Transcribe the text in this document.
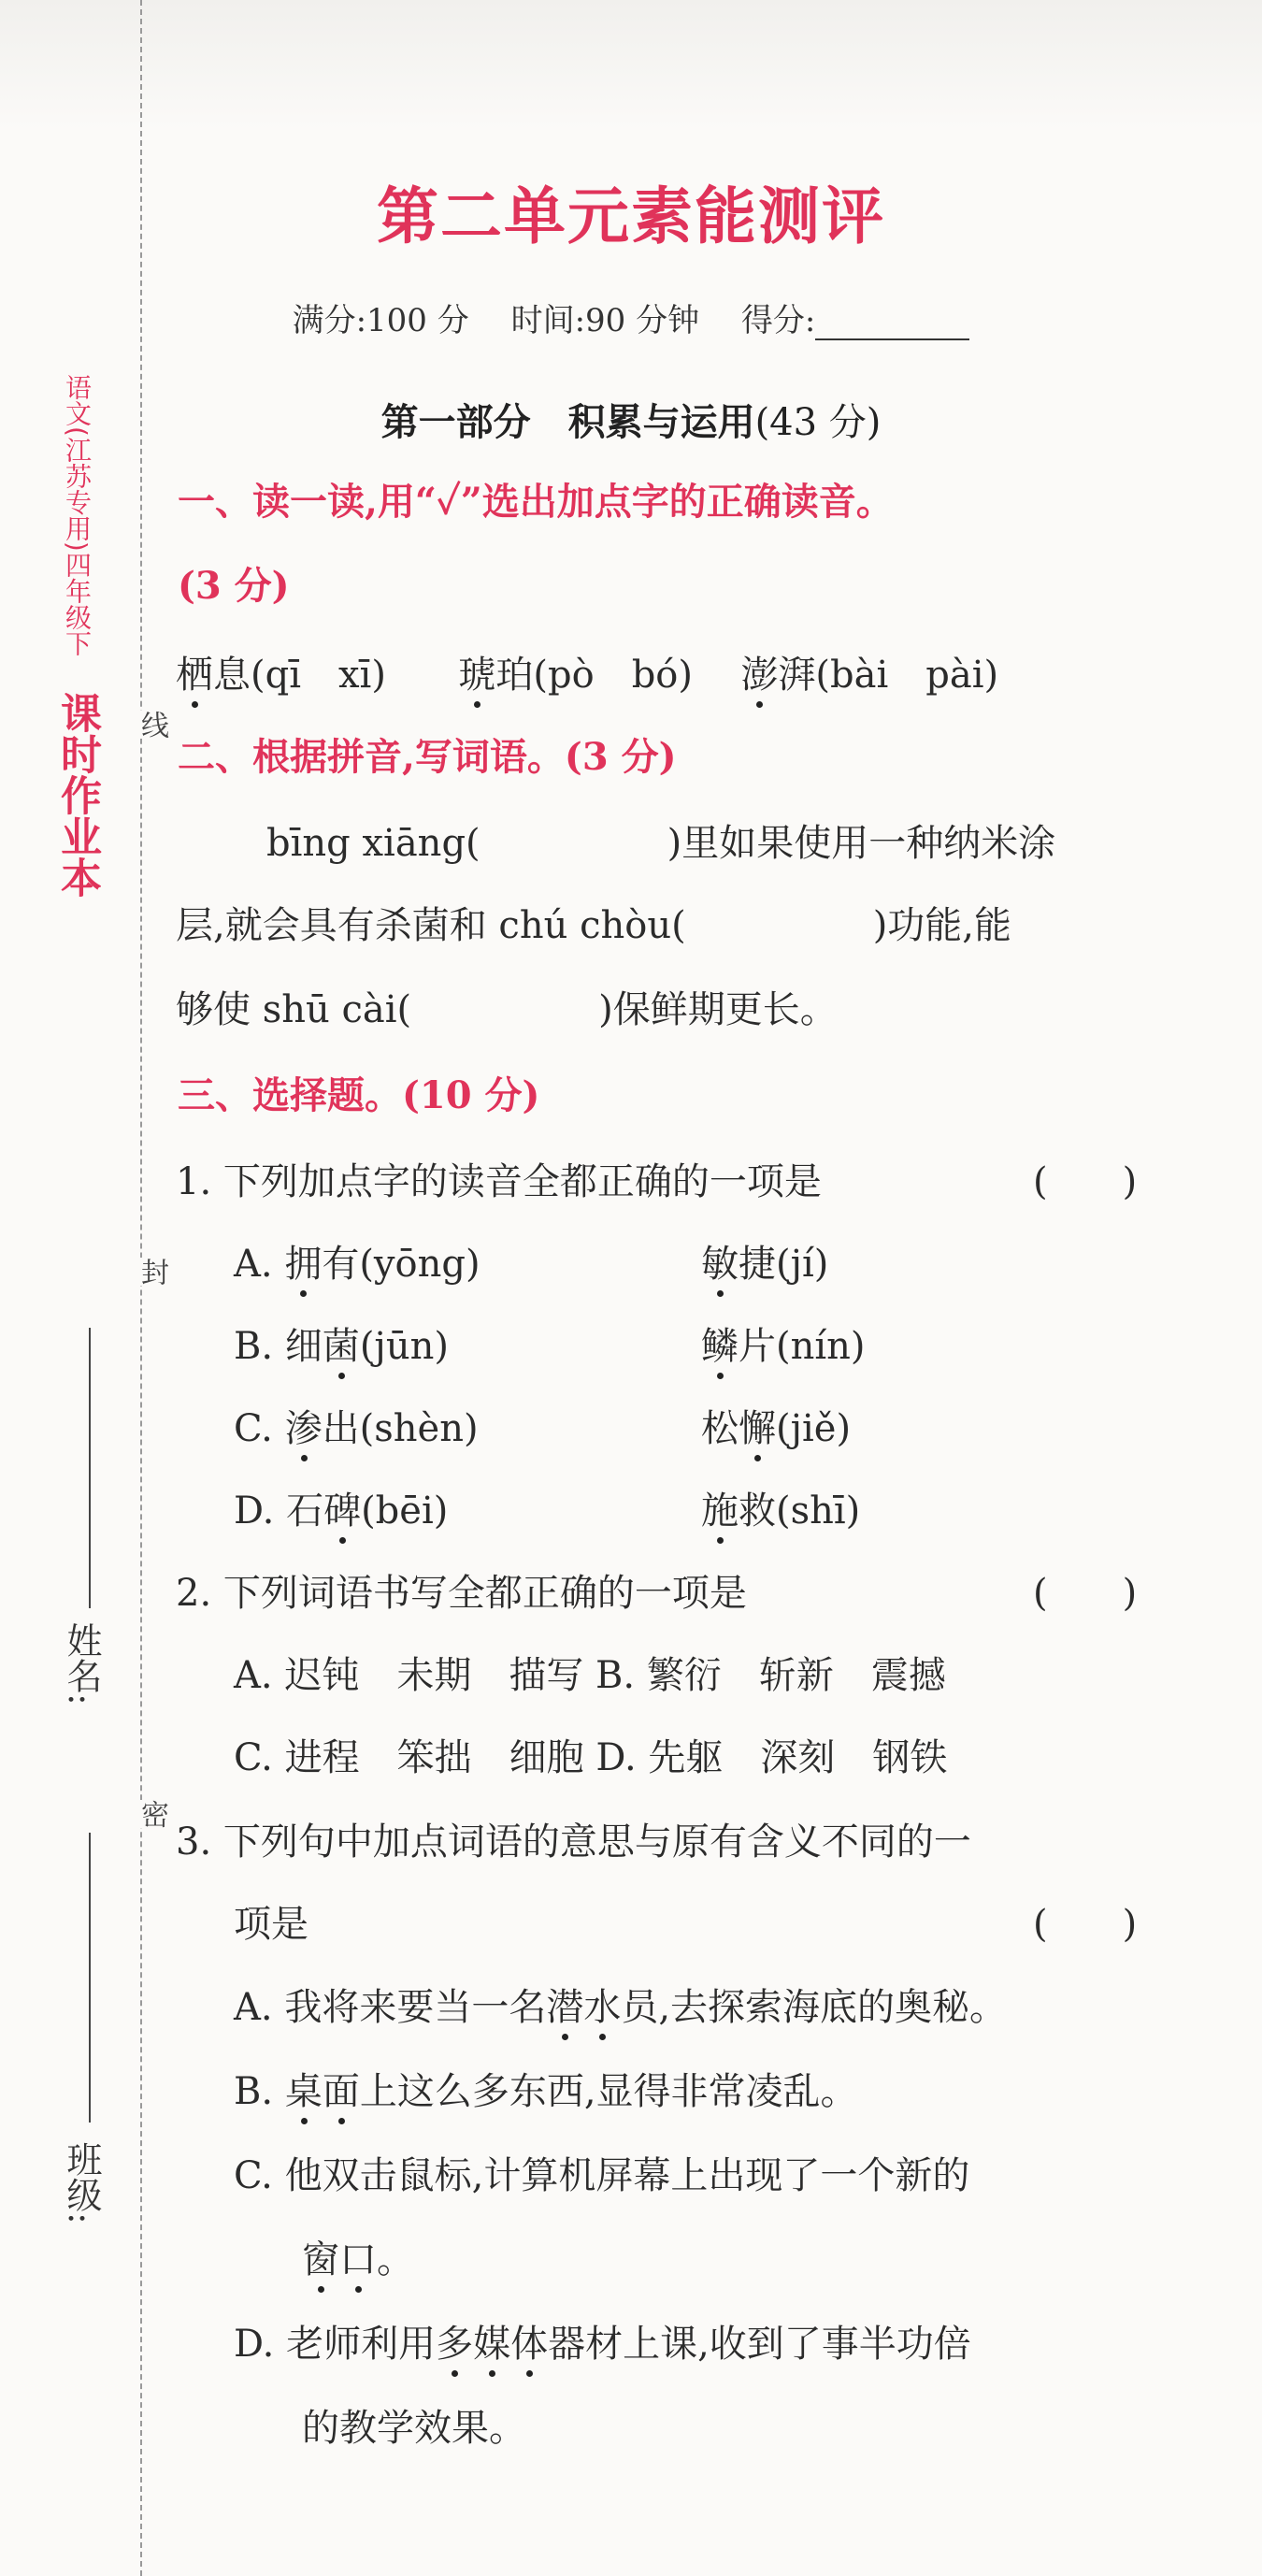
语文(江苏专用)四年级下
课时作业本 线
封
密
姓名:
班级:
第二单元素能测评
满分:100 分　 时间:90 分钟　 得分:
第一部分　积累与运用(43 分)
一、读一读,用“✓”选出加点字的正确读音。
(3 分)
栖息(qī　xī) 琥珀(pò　bó) 澎湃(bài　pài)
二、根据拼音,写词语。(3 分)
bīng xiāng(	)里如果使用一种纳米涂
层,就会具有杀菌和 chú chòu(	)功能,能
够使 shū cài(	)保鲜期更长。
三、选择题。(10 分)
1. 下列加点字的读音全都正确的一项是	(　　)
A. 拥有(yōng)	敏捷(jí)
B. 细菌(jūn)	鳞片(nín)
C. 渗出(shèn)	松懈(jiě)
D. 石碑(bēi)	施救(shī)
2. 下列词语书写全都正确的一项是	(　　)
A. 迟钝　未期　描写 B. 繁衍　斩新　震撼
C. 进程　笨拙　细胞 D. 先躯　深刻　钢铁
3. 下列句中加点词语的意思与原有含义不同的一
项是	(　　)
A. 我将来要当一名潜水员,去探索海底的奥秘。
B. 桌面上这么多东西,显得非常凌乱。
C. 他双击鼠标,计算机屏幕上出现了一个新的
窗口。
D. 老师利用多媒体器材上课,收到了事半功倍
的教学效果。
